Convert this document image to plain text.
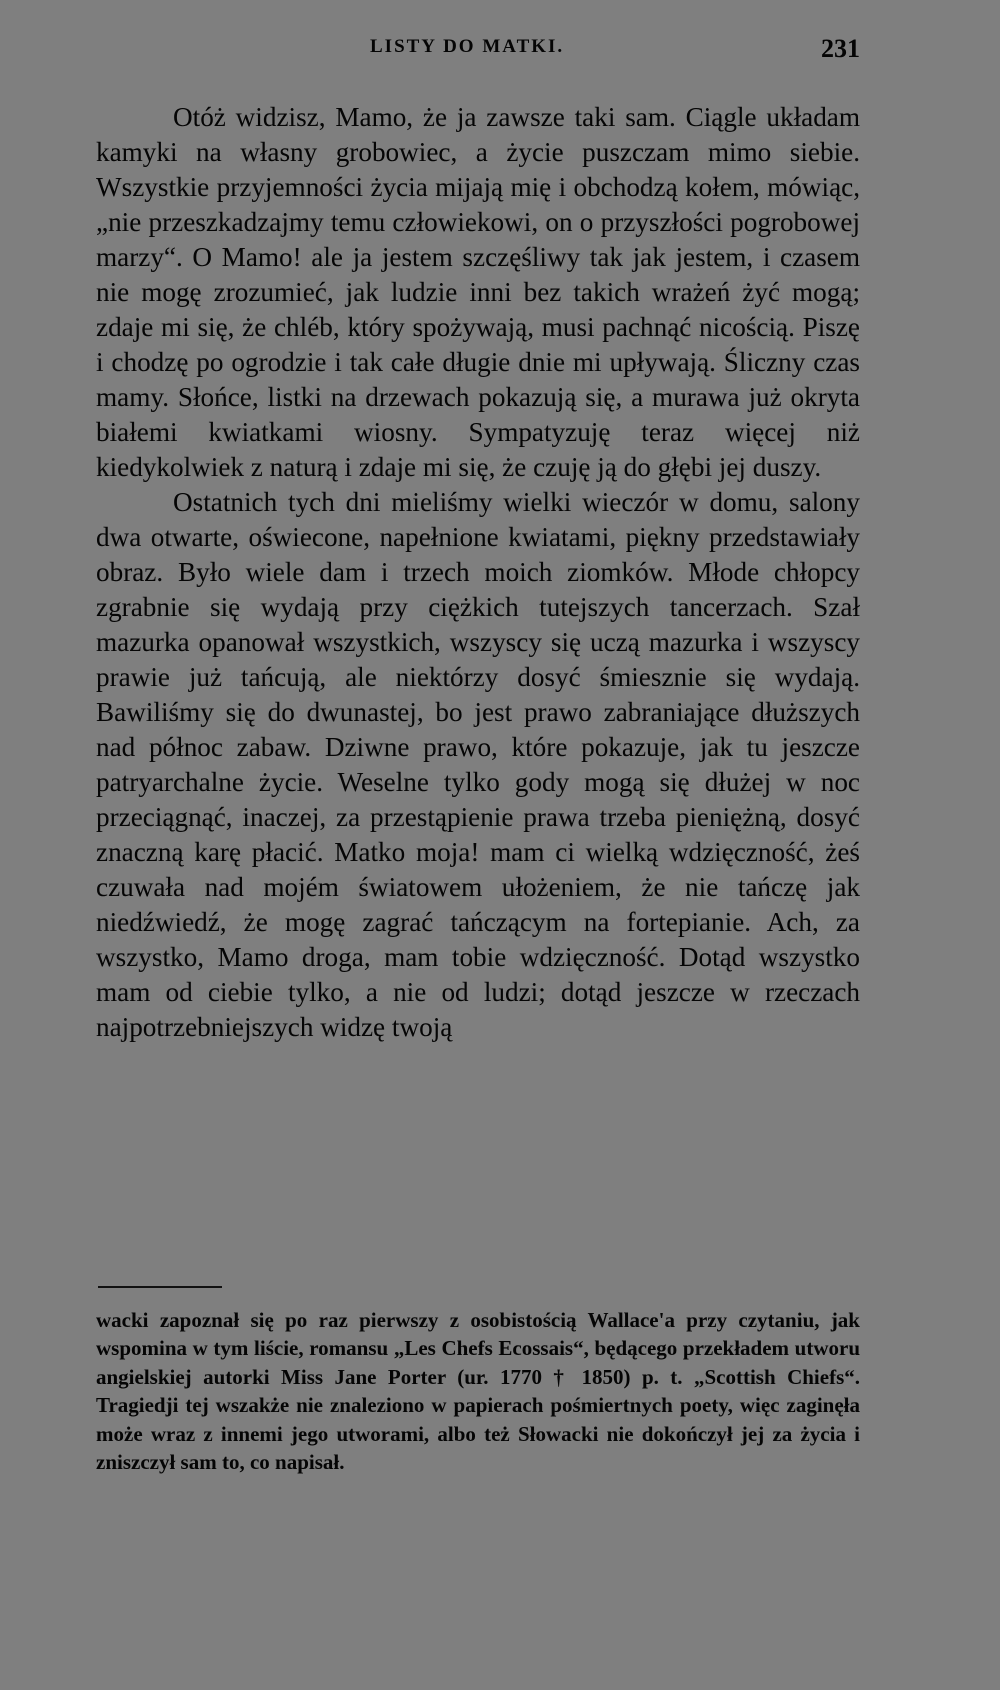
LISTY DO MATKI.	231

Otóż widzisz, Mamo, że ja zawsze taki sam. Ciągle układam kamyki na własny grobowiec, a życie puszczam mimo siebie. Wszystkie przyjemności życia mijają mię i obchodzą kołem, mówiąc, „nie przeszkadzajmy temu człowiekowi, on o przyszłości pogrobowej marzy“. O Mamo! ale ja jestem szczęśliwy tak jak jestem, i czasem nie mogę zrozumieć, jak ludzie inni bez takich wrażeń żyć mogą; zdaje mi się, że chléb, który spożywają, musi pachnąć nicością. Piszę i chodzę po ogrodzie i tak całe długie dnie mi upływają. Śliczny czas mamy. Słońce, listki na drzewach pokazują się, a murawa już okryta białemi kwiatkami wiosny. Sympatyzuję teraz więcej niż kiedykolwiek z naturą i zdaje mi się, że czuję ją do głębi jej duszy.

Ostatnich tych dni mieliśmy wielki wieczór w domu, salony dwa otwarte, oświecone, napełnione kwiatami, piękny przedstawiały obraz. Było wiele dam i trzech moich ziomków. Młode chłopcy zgrabnie się wydają przy ciężkich tutejszych tancerzach. Szał mazurka opanował wszystkich, wszyscy się uczą mazurka i wszyscy prawie już tańcują, ale niektórzy dosyć śmiesznie się wydają. Bawiliśmy się do dwunastej, bo jest prawo zabraniające dłuższych nad północ zabaw. Dziwne prawo, które pokazuje, jak tu jeszcze patryarchalne życie. Weselne tylko gody mogą się dłużej w noc przeciągnąć, inaczej, za przestąpienie prawa trzeba pieniężną, dosyć znaczną karę płacić. Matko moja! mam ci wielką wdzięczność, żeś czuwała nad mojém światowem ułożeniem, że nie tańczę jak niedźwiedź, że mogę zagrać tańczącym na fortepianie. Ach, za wszystko, Mamo droga, mam tobie wdzięczność. Dotąd wszystko mam od ciebie tylko, a nie od ludzi; dotąd jeszcze w rzeczach najpotrzebniejszych widzę twoją

wacki zapoznał się po raz pierwszy z osobistością Wallace'a przy czytaniu, jak wspomina w tym liście, romansu „Les Chefs Ecossais“, będącego przekładem utworu angielskiej autorki Miss Jane Porter (ur. 1770 † 1850) p. t. „Scottish Chiefs“. Tragiedji tej wszakże nie znaleziono w papierach pośmiertnych poety, więc zaginęła może wraz z innemi jego utworami, albo też Słowacki nie dokończył jej za życia i zniszczył sam to, co napisał.
